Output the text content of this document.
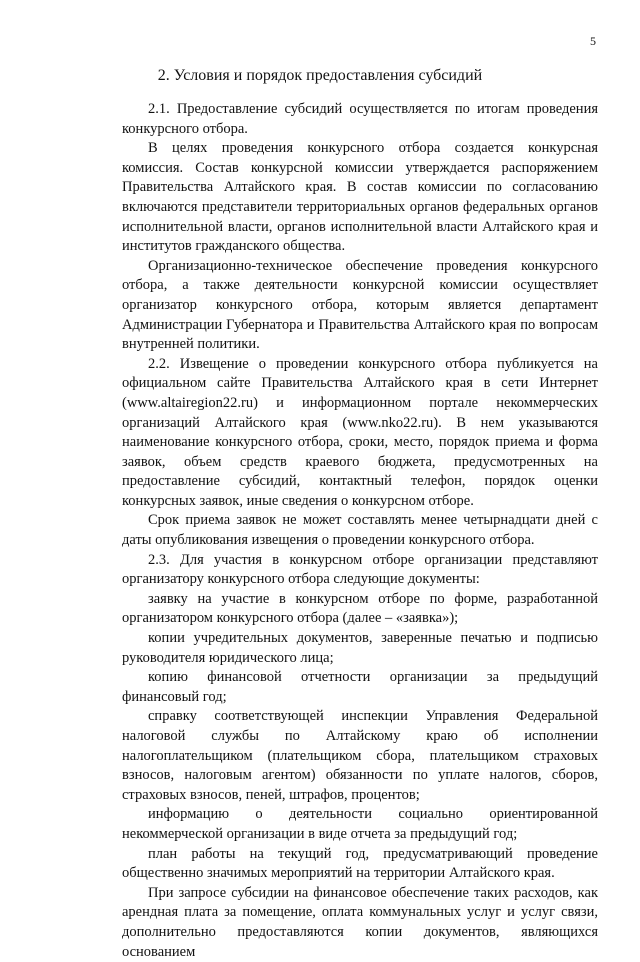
5
2. Условия и порядок предоставления субсидий

2.1. Предоставление субсидий осуществляется по итогам проведения конкурсного отбора.

В целях проведения конкурсного отбора создается конкурсная комиссия. Состав конкурсной комиссии утверждается распоряжением Правительства Алтайского края. В состав комиссии по согласованию включаются представители территориальных органов федеральных органов исполнительной власти, органов исполнительной власти Алтайского края и институтов гражданского общества.

Организационно-техническое обеспечение проведения конкурсного отбора, а также деятельности конкурсной комиссии осуществляет организатор конкурсного отбора, которым является департамент Администрации Губернатора и Правительства Алтайского края по вопросам внутренней политики.

2.2. Извещение о проведении конкурсного отбора публикуется на официальном сайте Правительства Алтайского края в сети Интернет (www.altairegion22.ru) и информационном портале некоммерческих организаций Алтайского края (www.nko22.ru). В нем указываются наименование конкурсного отбора, сроки, место, порядок приема и форма заявок, объем средств краевого бюджета, предусмотренных на предоставление субсидий, контактный телефон, порядок оценки конкурсных заявок, иные сведения о конкурсном отборе.

Срок приема заявок не может составлять менее четырнадцати дней с даты опубликования извещения о проведении конкурсного отбора.

2.3. Для участия в конкурсном отборе организации представляют организатору конкурсного отбора следующие документы:

заявку на участие в конкурсном отборе по форме, разработанной организатором конкурсного отбора (далее – «заявка»);

копии учредительных документов, заверенные печатью и подписью руководителя юридического лица;

копию финансовой отчетности организации за предыдущий финансовый год;

справку соответствующей инспекции Управления Федеральной налоговой службы по Алтайскому краю об исполнении налогоплательщиком (плательщиком сбора, плательщиком страховых взносов, налоговым агентом) обязанности по уплате налогов, сборов, страховых взносов, пеней, штрафов, процентов;

информацию о деятельности социально ориентированной некоммерческой организации в виде отчета за предыдущий год;

план работы на текущий год, предусматривающий проведение общественно значимых мероприятий на территории Алтайского края.

При запросе субсидии на финансовое обеспечение таких расходов, как арендная плата за помещение, оплата коммунальных услуг и услуг связи, дополнительно предоставляются копии документов, являющихся основанием
